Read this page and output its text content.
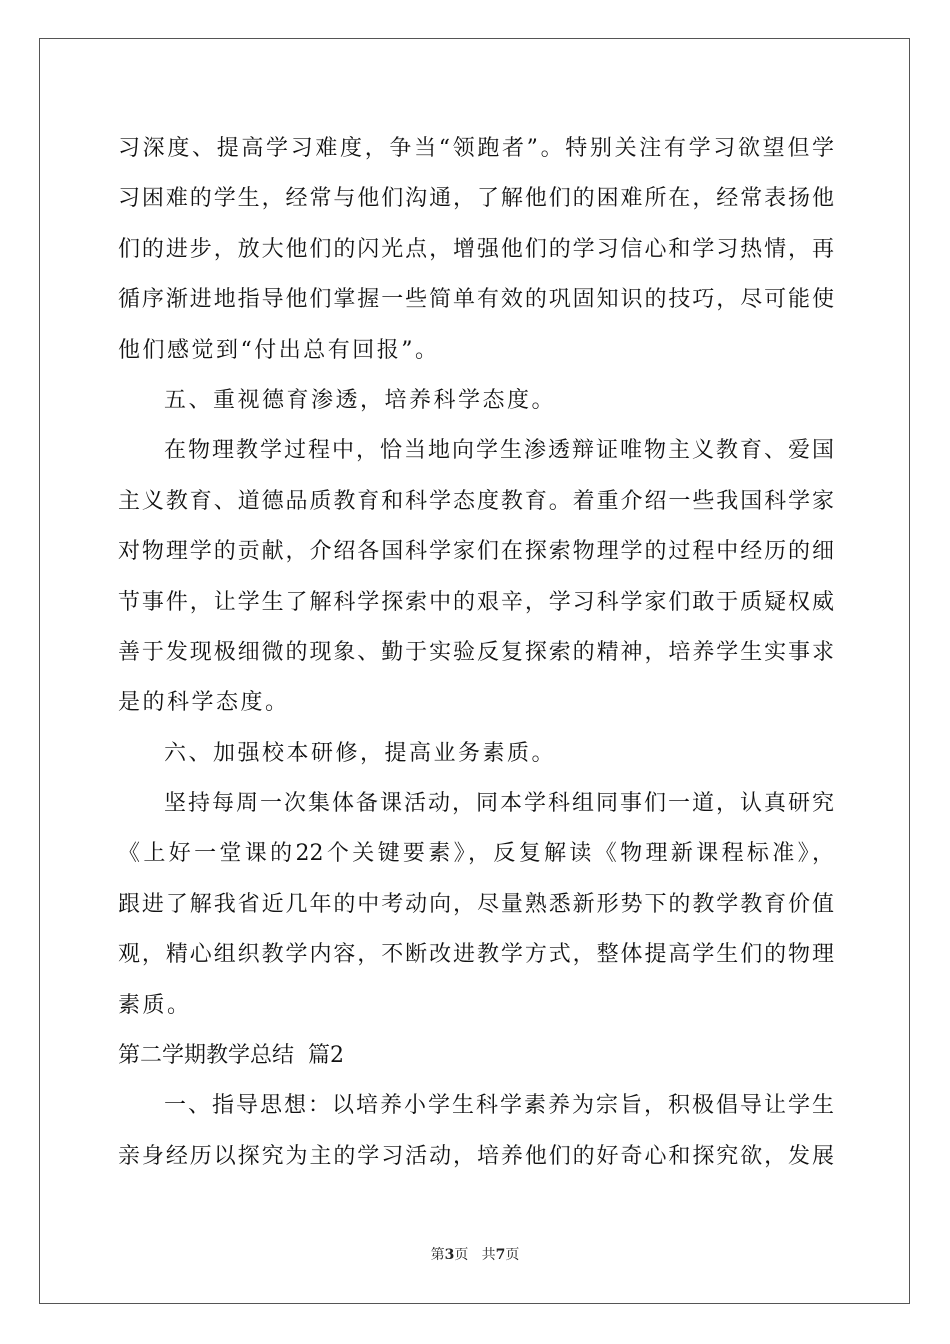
习深度、提高学习难度，争当“领跑者”。特别关注有学习欲望但学
习困难的学生，经常与他们沟通，了解他们的困难所在，经常表扬他
们的进步，放大他们的闪光点，增强他们的学习信心和学习热情，再
循序渐进地指导他们掌握一些简单有效的巩固知识的技巧，尽可能使
他们感觉到“付出总有回报”。
五、重视德育渗透，培养科学态度。
在物理教学过程中，恰当地向学生渗透辩证唯物主义教育、爱国
主义教育、道德品质教育和科学态度教育。着重介绍一些我国科学家
对物理学的贡献，介绍各国科学家们在探索物理学的过程中经历的细
节事件，让学生了解科学探索中的艰辛，学习科学家们敢于质疑权威
善于发现极细微的现象、勤于实验反复探索的精神，培养学生实事求
是的科学态度。
六、加强校本研修，提高业务素质。
坚持每周一次集体备课活动，同本学科组同事们一道，认真研究
《上好一堂课的22个关键要素》，反复解读《物理新课程标准》，
跟进了解我省近几年的中考动向，尽量熟悉新形势下的教学教育价值
观，精心组织教学内容，不断改进教学方式，整体提高学生们的物理
素质。
第二学期教学总结  篇2
一、指导思想：以培养小学生科学素养为宗旨，积极倡导让学生
亲身经历以探究为主的学习活动，培养他们的好奇心和探究欲，发展
第3页   共7页
